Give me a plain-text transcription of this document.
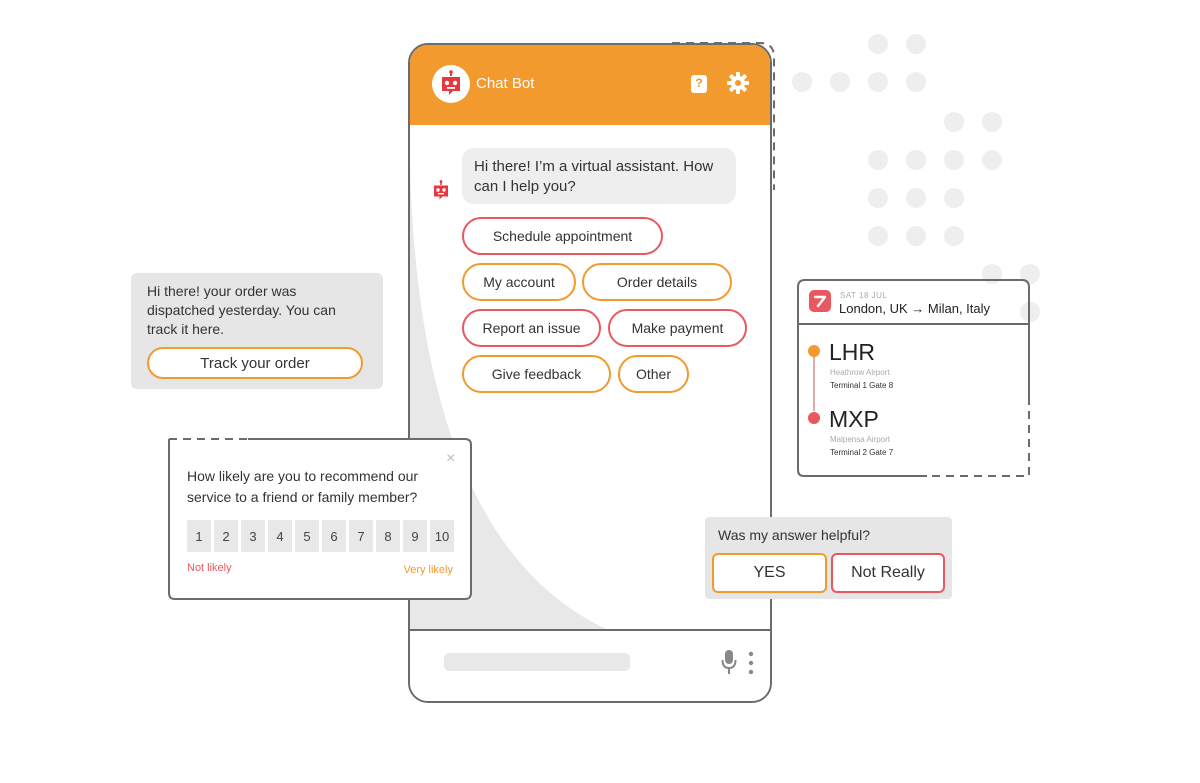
Chat Bot	?
Hi there! I’m a virtual assistant. How can I help you?
Schedule appointment
My account	Order details
Report an issue	Make payment
Give feedback	Other
Hi there! your order was dispatched yesterday. You can track it here.
Track your order
×
How likely are you to recommend our service to a friend or family member?
1	2	3	4	5	6	7	8	9	10
Not likely	Very likely
SAT 18 JUL
London, UK → Milan, Italy
LHR
Heathrow Airport
Terminal 1 Gate 8
MXP
Malpensa Airport
Terminal 2 Gate 7
Was my answer helpful?
YES	Not Really
